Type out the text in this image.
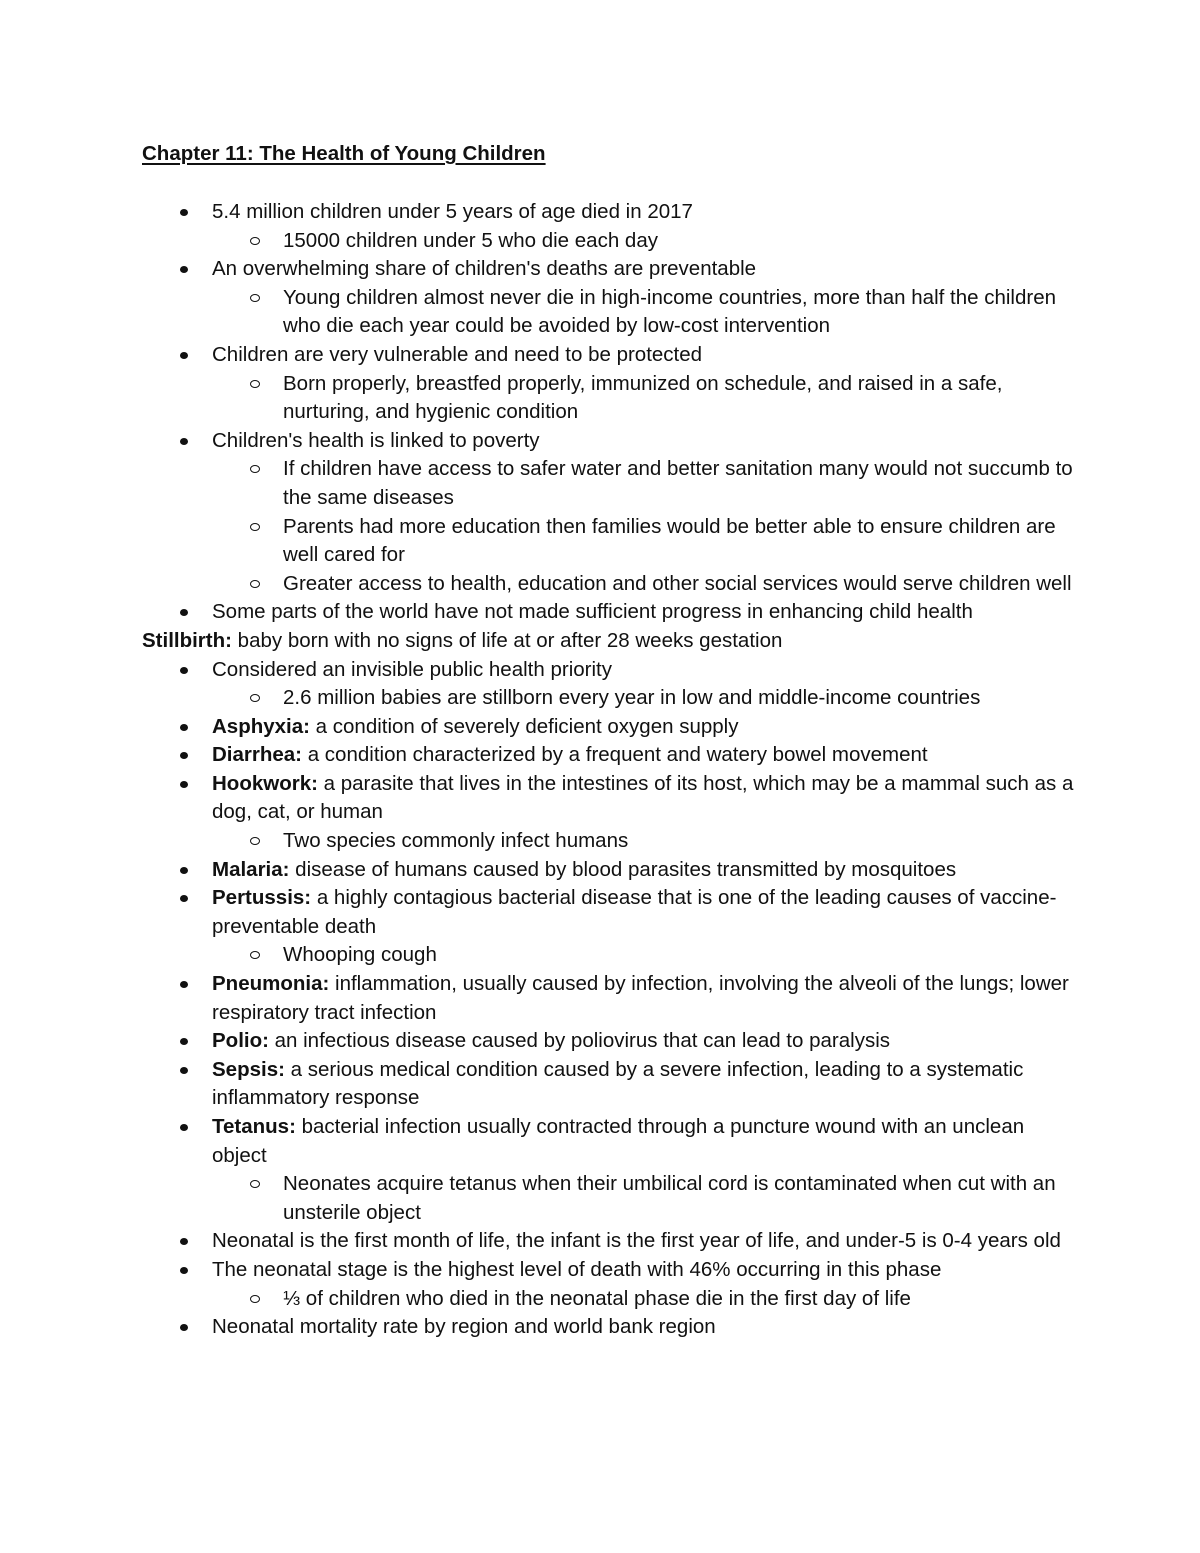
Chapter 11: The Health of Young Children

5.4 million children under 5 years of age died in 2017
15000 children under 5 who die each day
An overwhelming share of children's deaths are preventable
Young children almost never die in high-income countries, more than half the children who die each year could be avoided by low-cost intervention
Children are very vulnerable and need to be protected
Born properly, breastfed properly, immunized on schedule, and raised in a safe, nurturing, and hygienic condition
Children's health is linked to poverty
If children have access to safer water and better sanitation many would not succumb to the same diseases
Parents had more education then families would be better able to ensure children are well cared for
Greater access to health, education and other social services would serve children well
Some parts of the world have not made sufficient progress in enhancing child health

Stillbirth: baby born with no signs of life at or after 28 weeks gestation

Considered an invisible public health priority
2.6 million babies are stillborn every year in low and middle-income countries
Asphyxia: a condition of severely deficient oxygen supply
Diarrhea: a condition characterized by a frequent and watery bowel movement
Hookwork: a parasite that lives in the intestines of its host, which may be a mammal such as a dog, cat, or human
Two species commonly infect humans
Malaria: disease of humans caused by blood parasites transmitted by mosquitoes
Pertussis: a highly contagious bacterial disease that is one of the leading causes of vaccine-preventable death
Whooping cough
Pneumonia: inflammation, usually caused by infection, involving the alveoli of the lungs; lower respiratory tract infection
Polio: an infectious disease caused by poliovirus that can lead to paralysis
Sepsis: a serious medical condition caused by a severe infection, leading to a systematic inflammatory response
Tetanus: bacterial infection usually contracted through a puncture wound with an unclean object
Neonates acquire tetanus when their umbilical cord is contaminated when cut with an unsterile object
Neonatal is the first month of life, the infant is the first year of life, and under-5 is 0-4 years old
The neonatal stage is the highest level of death with 46% occurring in this phase
⅓ of children who died in the neonatal phase die in the first day of life
Neonatal mortality rate by region and world bank region
